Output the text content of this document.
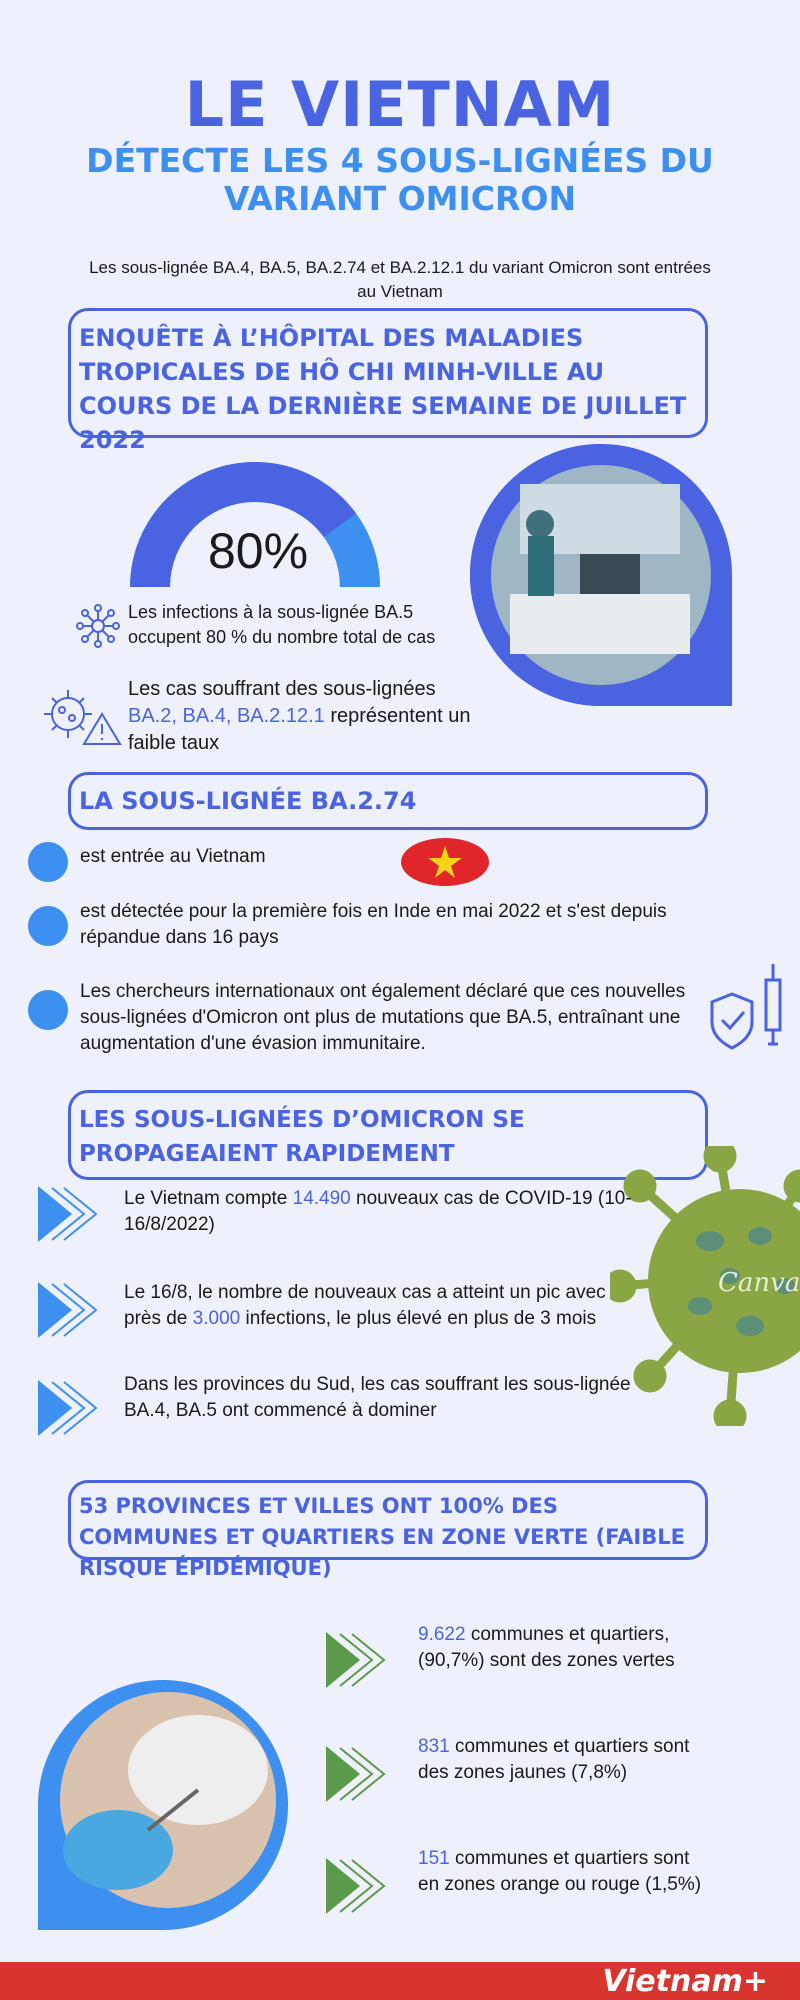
LE VIETNAM
DÉTECTE LES 4 SOUS-LIGNÉES DU VARIANT OMICRON
Les sous-lignée BA.4, BA.5, BA.2.74 et BA.2.12.1 du variant Omicron sont entrées au Vietnam
ENQUÊTE À L’HÔPITAL DES MALADIES TROPICALES DE HÔ CHI MINH-VILLE AU COURS DE LA DERNIÈRE SEMAINE DE JUILLET 2022
80%
Les infections à la sous-lignée BA.5 occupent 80 % du nombre total de cas
Les cas souffrant des sous-lignées
BA.2, BA.4, BA.2.12.1 représentent un faible taux
LA SOUS-LIGNÉE BA.2.74
est entrée au Vietnam
est détectée pour la première fois en Inde en mai 2022 et s'est depuis répandue dans 16 pays
Les chercheurs internationaux ont également déclaré que ces nouvelles sous-lignées d'Omicron ont plus de mutations que BA.5, entraînant une augmentation d'une évasion immunitaire.
LES SOUS-LIGNÉES D’OMICRON SE PROPAGEAIENT RAPIDEMENT
Canva
Le Vietnam compte 14.490 nouveaux cas de COVID-19 (10-16/8/2022)
Le 16/8, le nombre de nouveaux cas a atteint un pic avec près de 3.000 infections, le plus élevé en plus de 3 mois
Dans les provinces du Sud, les cas souffrant les sous-lignée BA.4, BA.5 ont commencé à dominer
53 PROVINCES ET VILLES ONT 100% DES COMMUNES ET QUARTIERS EN ZONE VERTE (FAIBLE RISQUE ÉPIDÉMIQUE)
9.622 communes et quartiers, (90,7%) sont des zones vertes
831 communes et quartiers sont des zones jaunes (7,8%)
151 communes et quartiers sont en zones orange ou rouge (1,5%)
Vietnam+
